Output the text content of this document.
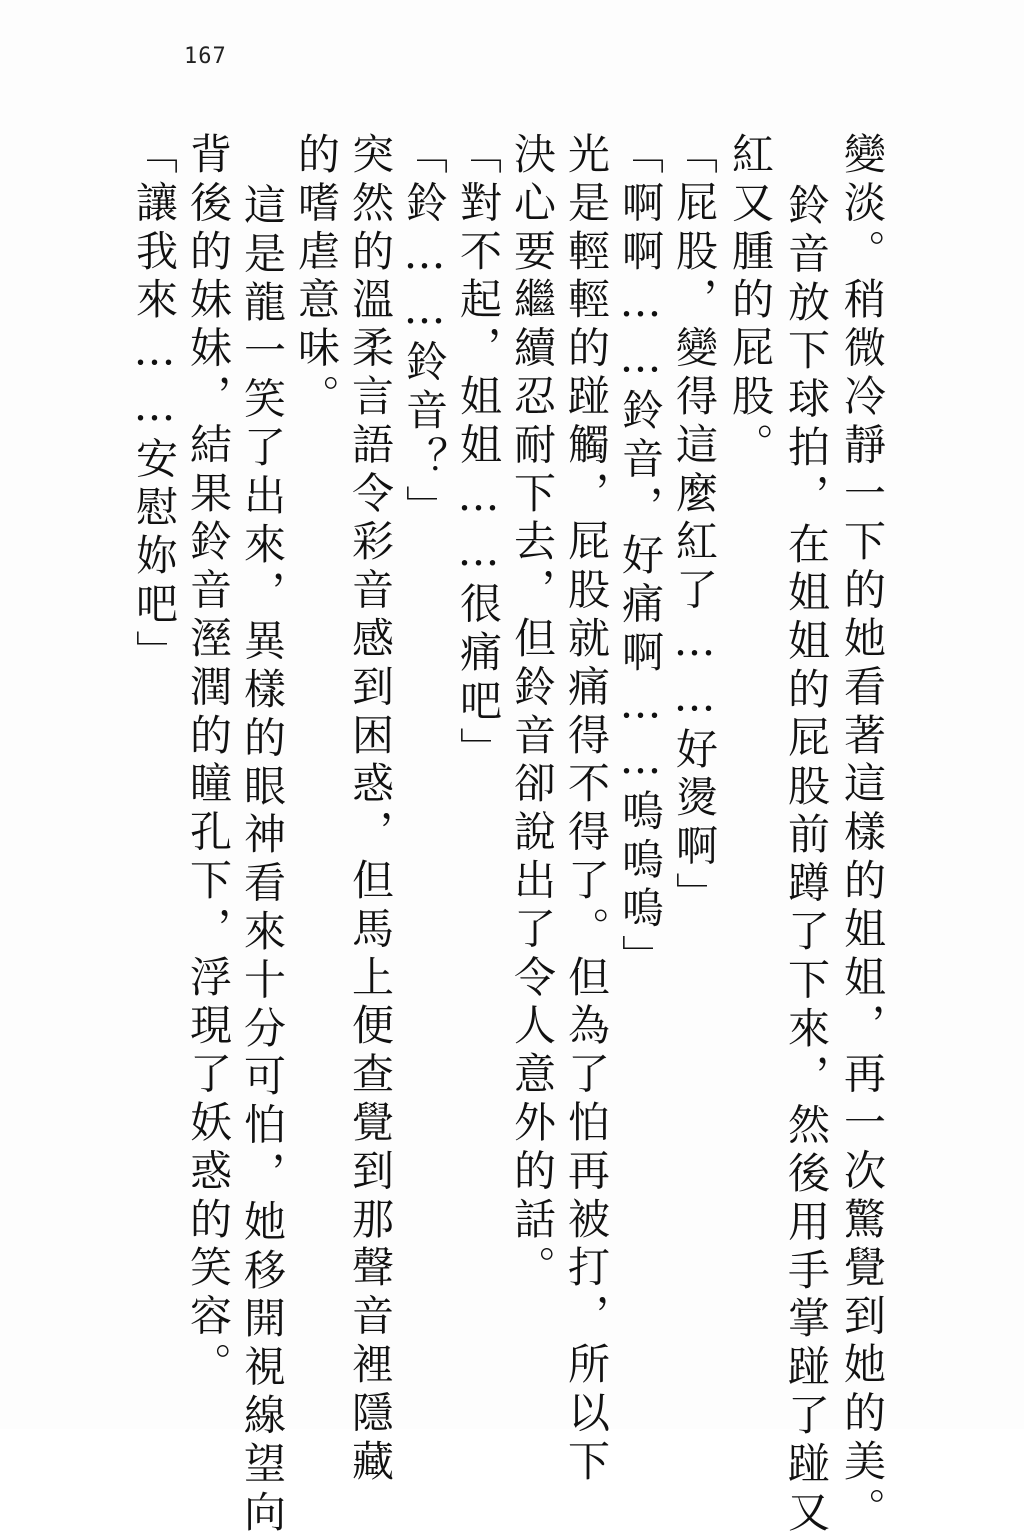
167
變淡。稍微冷靜一下的她看著這樣的姐姐，再一次驚覺到她的美。
鈴音放下球拍，在姐姐的屁股前蹲了下來，然後用手掌踫了踫又
紅又腫的屁股。
「屁股，變得這麼紅了……好燙啊」
「啊啊……鈴音，好痛啊……嗚嗚嗚」
光是輕輕的踫觸，屁股就痛得不得了。但為了怕再被打，所以下
決心要繼續忍耐下去，但鈴音卻說出了令人意外的話。
「對不起，姐姐……很痛吧」
「鈴……鈴音？」
突然的溫柔言語令彩音感到困惑，但馬上便查覺到那聲音裡隱藏
的嗜虐意味。
這是龍一笑了出來，異樣的眼神看來十分可怕，她移開視線望向
背後的妹妹，結果鈴音溼潤的瞳孔下，浮現了妖惑的笑容。
「讓我來……安慰妳吧」
